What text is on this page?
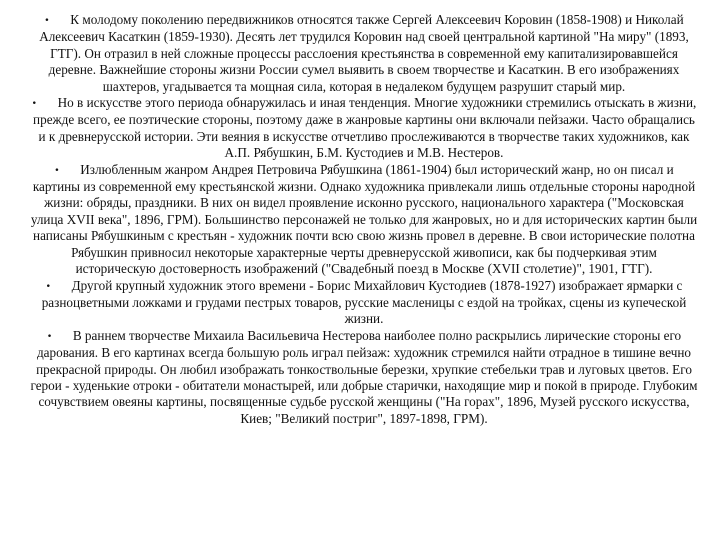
• К молодому поколению передвижников относятся также Сергей Алексеевич Коровин (1858-1908) и Николай Алексеевич Касаткин (1859-1930). Десять лет трудился Коровин над своей центральной картиной "На миру" (1893, ГТГ). Он отразил в ней сложные процессы расслоения крестьянства в современной ему капитализировавшейся деревне. Важнейшие стороны жизни России сумел выявить в своем творчестве и Касаткин. В его изображениях шахтеров, угадывается та мощная сила, которая в недалеком будущем разрушит старый мир.

• Но в искусстве этого периода обнаружилась и иная тенденция. Многие художники стремились отыскать в жизни, прежде всего, ее поэтические стороны, поэтому даже в жанровые картины они включали пейзажи. Часто обращались и к древнерусской истории. Эти веяния в искусстве отчетливо прослеживаются в творчестве таких художников, как А.П. Рябушкин, Б.М. Кустодиев и М.В. Нестеров.

• Излюбленным жанром Андрея Петровича Рябушкина (1861-1904) был исторический жанр, но он писал и картины из современной ему крестьянской жизни. Однако художника привлекали лишь отдельные стороны народной жизни: обряды, праздники. В них он видел проявление исконно русского, национального характера ("Московская улица XVII века", 1896, ГРМ). Большинство персонажей не только для жанровых, но и для исторических картин были написаны Рябушкиным с крестьян - художник почти всю свою жизнь провел в деревне. В свои исторические полотна Рябушкин привносил некоторые характерные черты древнерусской живописи, как бы подчеркивая этим историческую достоверность изображений ("Свадебный поезд в Москве (XVII столетие)", 1901, ГТГ).

• Другой крупный художник этого времени - Борис Михайлович Кустодиев (1878-1927) изображает ярмарки с разноцветными ложками и грудами пестрых товаров, русские масленицы с ездой на тройках, сцены из купеческой жизни.

• В раннем творчестве Михаила Васильевича Нестерова наиболее полно раскрылись лирические стороны его дарования. В его картинах всегда большую роль играл пейзаж: художник стремился найти отрадное в тишине вечно прекрасной природы. Он любил изображать тонкоствольные березки, хрупкие стебельки трав и луговых цветов. Его герои - худенькие отроки - обитатели монастырей, или добрые старички, находящие мир и покой в природе. Глубоким сочувствием овеяны картины, посвященные судьбе русской женщины ("На горах", 1896, Музей русского искусства, Киев; "Великий постриг", 1897-1898, ГРМ).
